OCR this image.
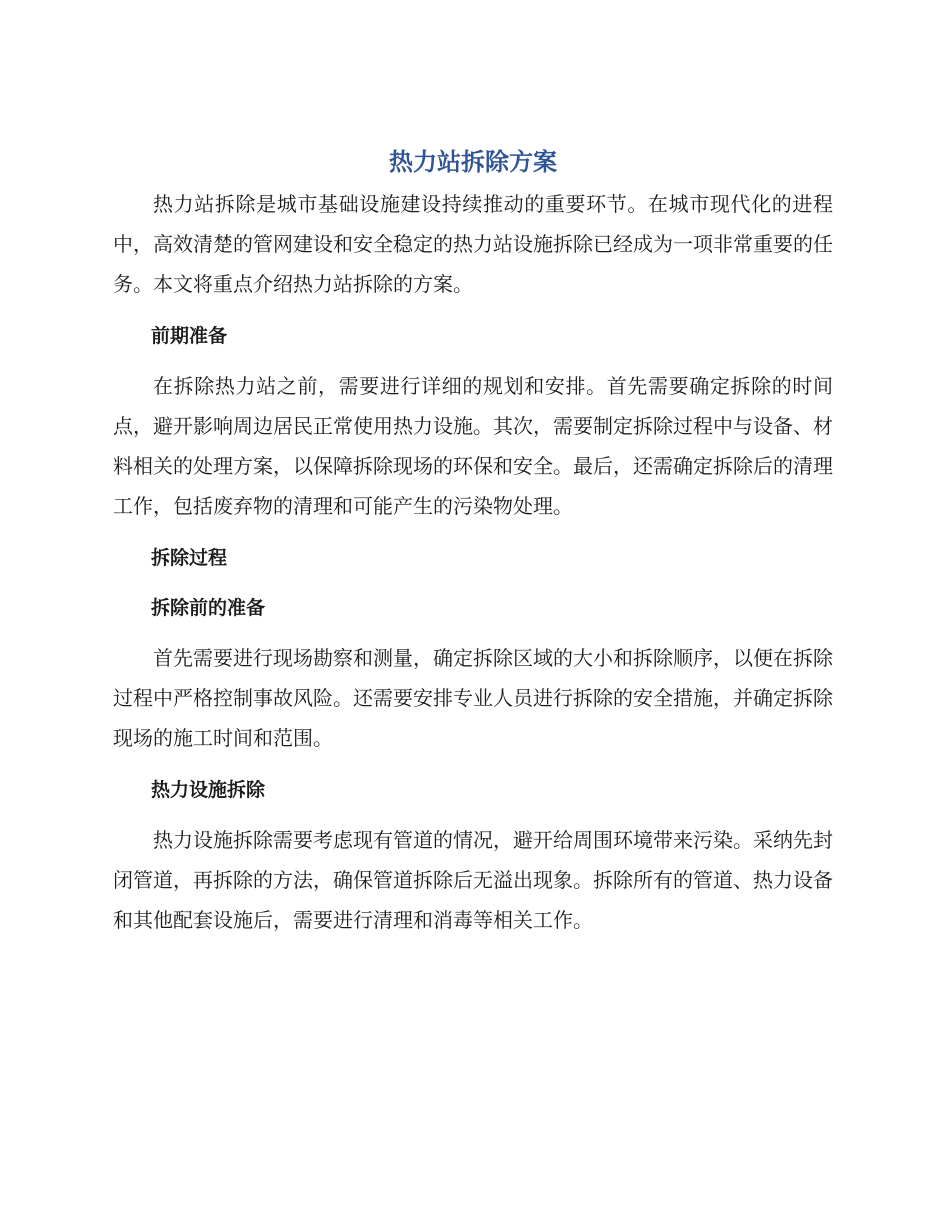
热力站拆除方案

热力站拆除是城市基础设施建设持续推动的重要环节。在城市现代化的进程中，高效清楚的管网建设和安全稳定的热力站设施拆除已经成为一项非常重要的任务。本文将重点介绍热力站拆除的方案。

前期准备

在拆除热力站之前，需要进行详细的规划和安排。首先需要确定拆除的时间点，避开影响周边居民正常使用热力设施。其次，需要制定拆除过程中与设备、材料相关的处理方案，以保障拆除现场的环保和安全。最后，还需确定拆除后的清理工作，包括废弃物的清理和可能产生的污染物处理。

拆除过程
拆除前的准备

首先需要进行现场勘察和测量，确定拆除区域的大小和拆除顺序，以便在拆除过程中严格控制事故风险。还需要安排专业人员进行拆除的安全措施，并确定拆除现场的施工时间和范围。

热力设施拆除

热力设施拆除需要考虑现有管道的情况，避开给周围环境带来污染。采纳先封闭管道，再拆除的方法，确保管道拆除后无溢出现象。拆除所有的管道、热力设备和其他配套设施后，需要进行清理和消毒等相关工作。
